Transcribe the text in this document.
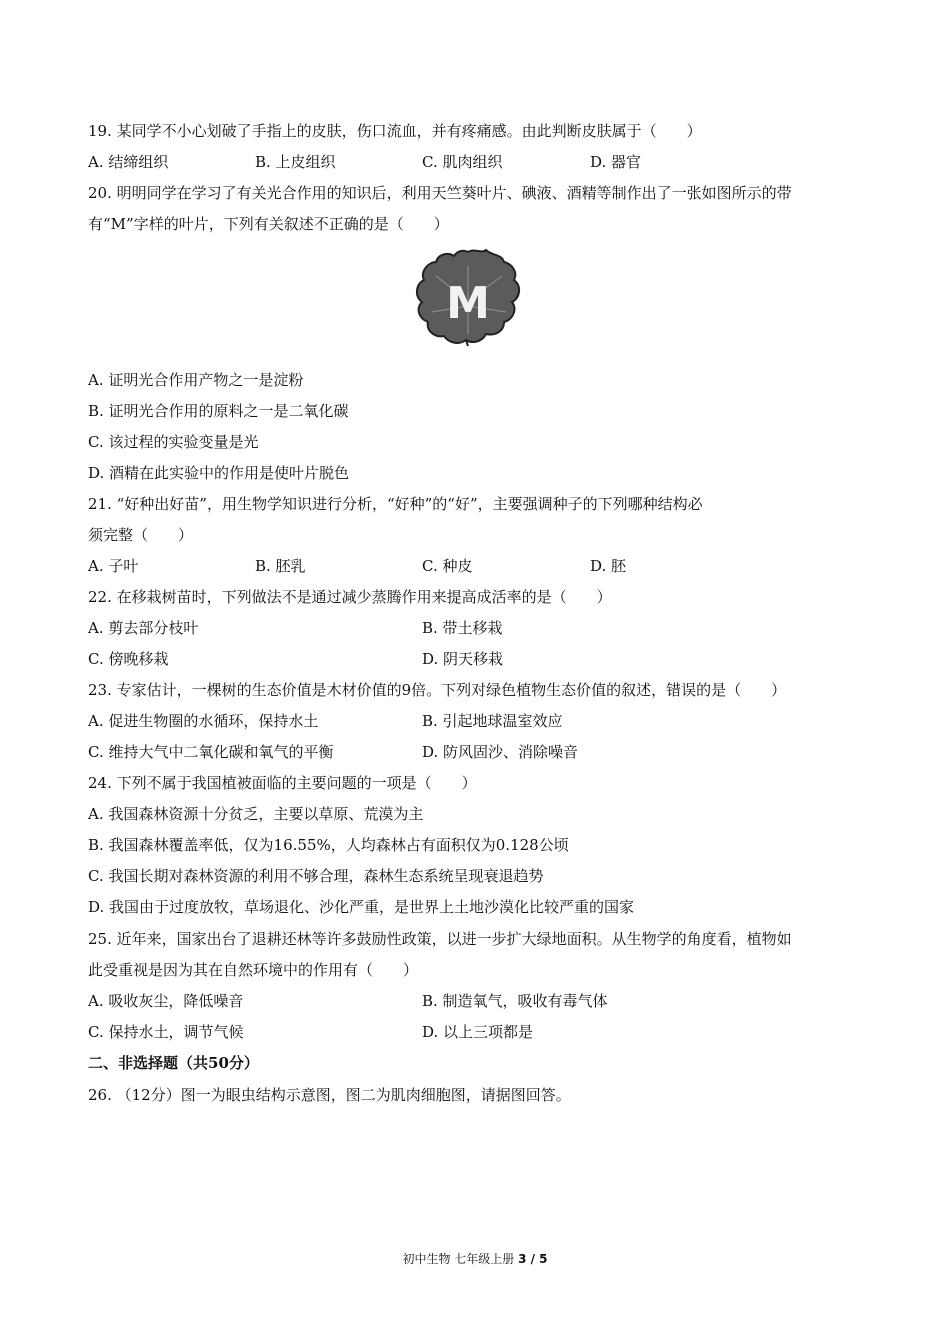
19. 某同学不小心划破了手指上的皮肤，伤口流血，并有疼痛感。由此判断皮肤属于（　　）
A. 结缔组织	B. 上皮组织	C. 肌肉组织	D. 器官
20. 明明同学在学习了有关光合作用的知识后，利用天竺葵叶片、碘液、酒精等制作出了一张如图所示的带
有“M”字样的叶片，下列有关叙述不正确的是（　　）
M
A. 证明光合作用产物之一是淀粉
B. 证明光合作用的原料之一是二氧化碳
C. 该过程的实验变量是光
D. 酒精在此实验中的作用是使叶片脱色
21. “好种出好苗”，用生物学知识进行分析，“好种”的“好”，主要强调种子的下列哪种结构必
须完整（　　）
A. 子叶	B. 胚乳	C. 种皮	D. 胚
22. 在移栽树苗时，下列做法不是通过减少蒸腾作用来提高成活率的是（　　）
A. 剪去部分枝叶	B. 带土移栽
C. 傍晚移栽	D. 阴天移栽
23. 专家估计，一棵树的生态价值是木材价值的9倍。下列对绿色植物生态价值的叙述，错误的是（　　）
A. 促进生物圈的水循环，保持水土	B. 引起地球温室效应
C. 维持大气中二氧化碳和氧气的平衡	D. 防风固沙、消除噪音
24. 下列不属于我国植被面临的主要问题的一项是（　　）
A. 我国森林资源十分贫乏，主要以草原、荒漠为主
B. 我国森林覆盖率低，仅为16.55%，人均森林占有面积仅为0.128公顷
C. 我国长期对森林资源的利用不够合理，森林生态系统呈现衰退趋势
D. 我国由于过度放牧，草场退化、沙化严重，是世界上土地沙漠化比较严重的国家
25. 近年来，国家出台了退耕还林等许多鼓励性政策，以进一步扩大绿地面积。从生物学的角度看，植物如
此受重视是因为其在自然环境中的作用有（　　）
A. 吸收灰尘，降低噪音	B. 制造氧气，吸收有毒气体
C. 保持水土，调节气候	D. 以上三项都是
二、非选择题（共50分）
26. （12分）图一为眼虫结构示意图，图二为肌肉细胞图，请据图回答。
初中生物 七年级上册 3 / 5
